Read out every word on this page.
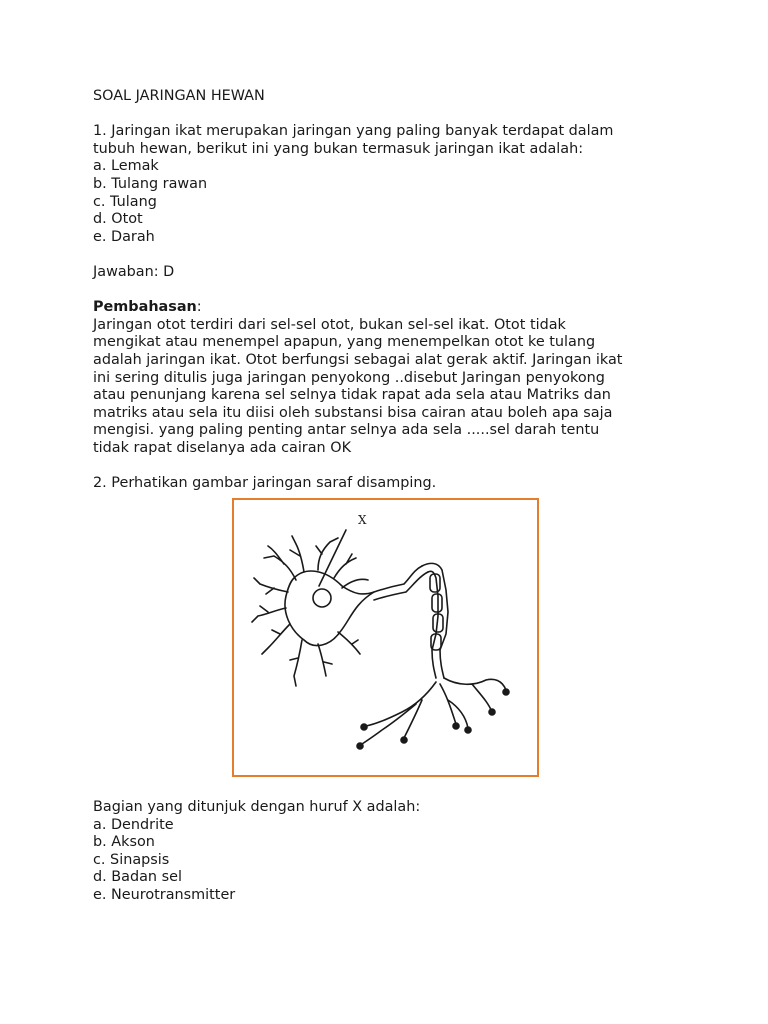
SOAL JARINGAN HEWAN
1. Jaringan ikat merupakan jaringan yang paling banyak terdapat dalam
tubuh hewan, berikut ini yang bukan termasuk jaringan ikat adalah:
a. Lemak
b. Tulang rawan
c. Tulang
d. Otot
e. Darah
Jawaban: D
Pembahasan:
Jaringan otot terdiri dari sel-sel otot, bukan sel-sel ikat. Otot tidak
mengikat atau menempel apapun, yang menempelkan otot ke tulang
adalah jaringan ikat. Otot berfungsi sebagai alat gerak aktif. Jaringan ikat
ini sering ditulis juga jaringan penyokong ..disebut Jaringan penyokong
atau penunjang karena sel selnya tidak rapat ada sela atau Matriks dan
matriks atau sela itu diisi oleh substansi bisa cairan atau boleh apa saja
mengisi. yang paling penting antar selnya ada sela .....sel darah tentu
tidak rapat diselanya ada cairan OK
2. Perhatikan gambar jaringan saraf disamping.
X
Bagian yang ditunjuk dengan huruf X adalah:
a. Dendrite
b. Akson
c. Sinapsis
d. Badan sel
e. Neurotransmitter
